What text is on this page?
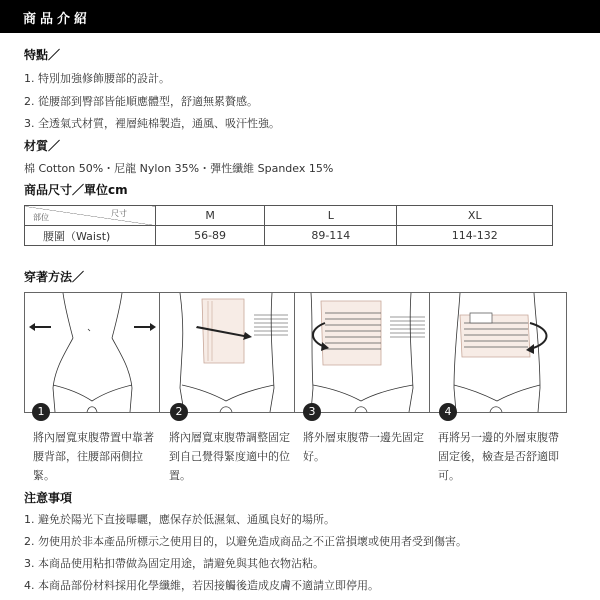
商品介紹
特點／
1. 特別加強修飾腰部的設計。
2. 從腰部到臀部皆能順應體型，舒適無累贅感。
3. 全透氣式材質，裡層純棉製造，通風、吸汗性強。
材質／
棉 Cotton 50%・尼龍 Nylon 35%・彈性纖維 Spandex 15%
商品尺寸／單位cm
尺寸
部位	M	L	XL
腰圍（Waist)	56-89	89-114	114-132
穿著方法／
1	2	3	4
將內層寬束腹帶置中靠著腰背部，往腰部兩側拉緊。
將內層寬束腹帶調整固定到自己覺得緊度適中的位置。
將外層束腹帶一邊先固定好。
再將另一邊的外層束腹帶固定後，檢查是否舒適即可。
注意事項
1. 避免於陽光下直接曝曬，應保存於低濕氣、通風良好的場所。
2. 勿使用於非本產品所標示之使用目的，以避免造成商品之不正當損壞或使用者受到傷害。
3. 本商品使用粘扣帶做為固定用途，請避免與其他衣物沾粘。
4. 本商品部份材料採用化學纖維，若因接觸後造成皮膚不適請立即停用。
